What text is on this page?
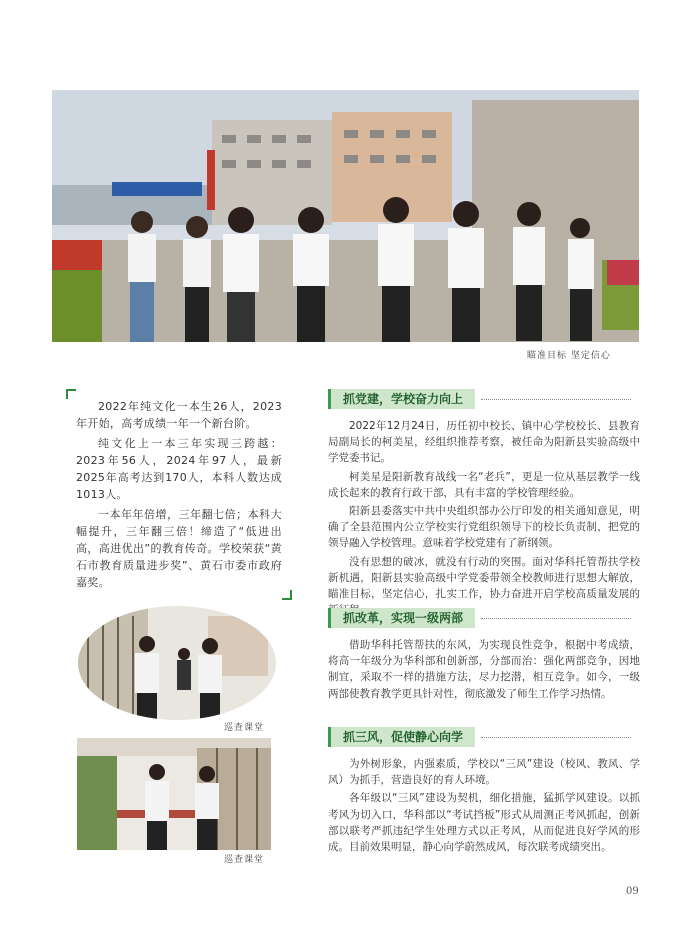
瞄准目标 坚定信心

2022年纯文化一本生26人，2023年开始，高考成绩一年一个新台阶。

纯文化上一本三年实现三跨越：2023年56人，2024年97人，最新2025年高考达到170人，本科人数达成1013人。

一本年年倍增，三年翻七倍；本科大幅提升，三年翻三倍！缔造了“低进出高，高进优出”的教育传奇。学校荣获“黄石市教育质量进步奖”、黄石市委市政府嘉奖。

巡查课堂
巡查课堂
抓党建，学校奋力向上

2022年12月24日，历任初中校长、镇中心学校校长、县教育局副局长的柯美星，经组织推荐考察，被任命为阳新县实验高级中学党委书记。

柯美星是阳新教育战线一名“老兵”，更是一位从基层教学一线成长起来的教育行政干部，具有丰富的学校管理经验。

阳新县委落实中共中央组织部办公厅印发的相关通知意见，明确了全县范围内公立学校实行党组织领导下的校长负责制，把党的领导融入学校管理。意味着学校党建有了新纲领。

没有思想的破冰，就没有行动的突围。面对华科托管帮扶学校新机遇，阳新县实验高级中学党委带领全校教师进行思想大解放，瞄准目标，坚定信心，扎实工作，协力奋进开启学校高质量发展的

抓改革，实现一级两部

借助华科托管帮扶的东风，为实现良性竞争，根据中考成绩，将高一年级分为华科部和创新部，分部而治：强化两部竞争，因地制宜，采取不一样的措施方法，尽力挖潜，相互竞争。如今，一级两部使教育教学更具针对性，彻底激发了师生工作学习热情。

抓三风，促使静心向学

为外树形象，内强素质，学校以“三风”建设（校风、教风、学风）为抓手，营造良好的育人环境。

各年级以“三风”建设为契机，细化措施，猛抓学风建设。以抓考风为切入口，华科部以“考试挡板”形式从周测正考风抓起，创新部以联考严抓违纪学生处理方式以正考风，从而促进良好学风的形成。目前效果明显，静心向学蔚然成风，每次联考成绩突出。

09
